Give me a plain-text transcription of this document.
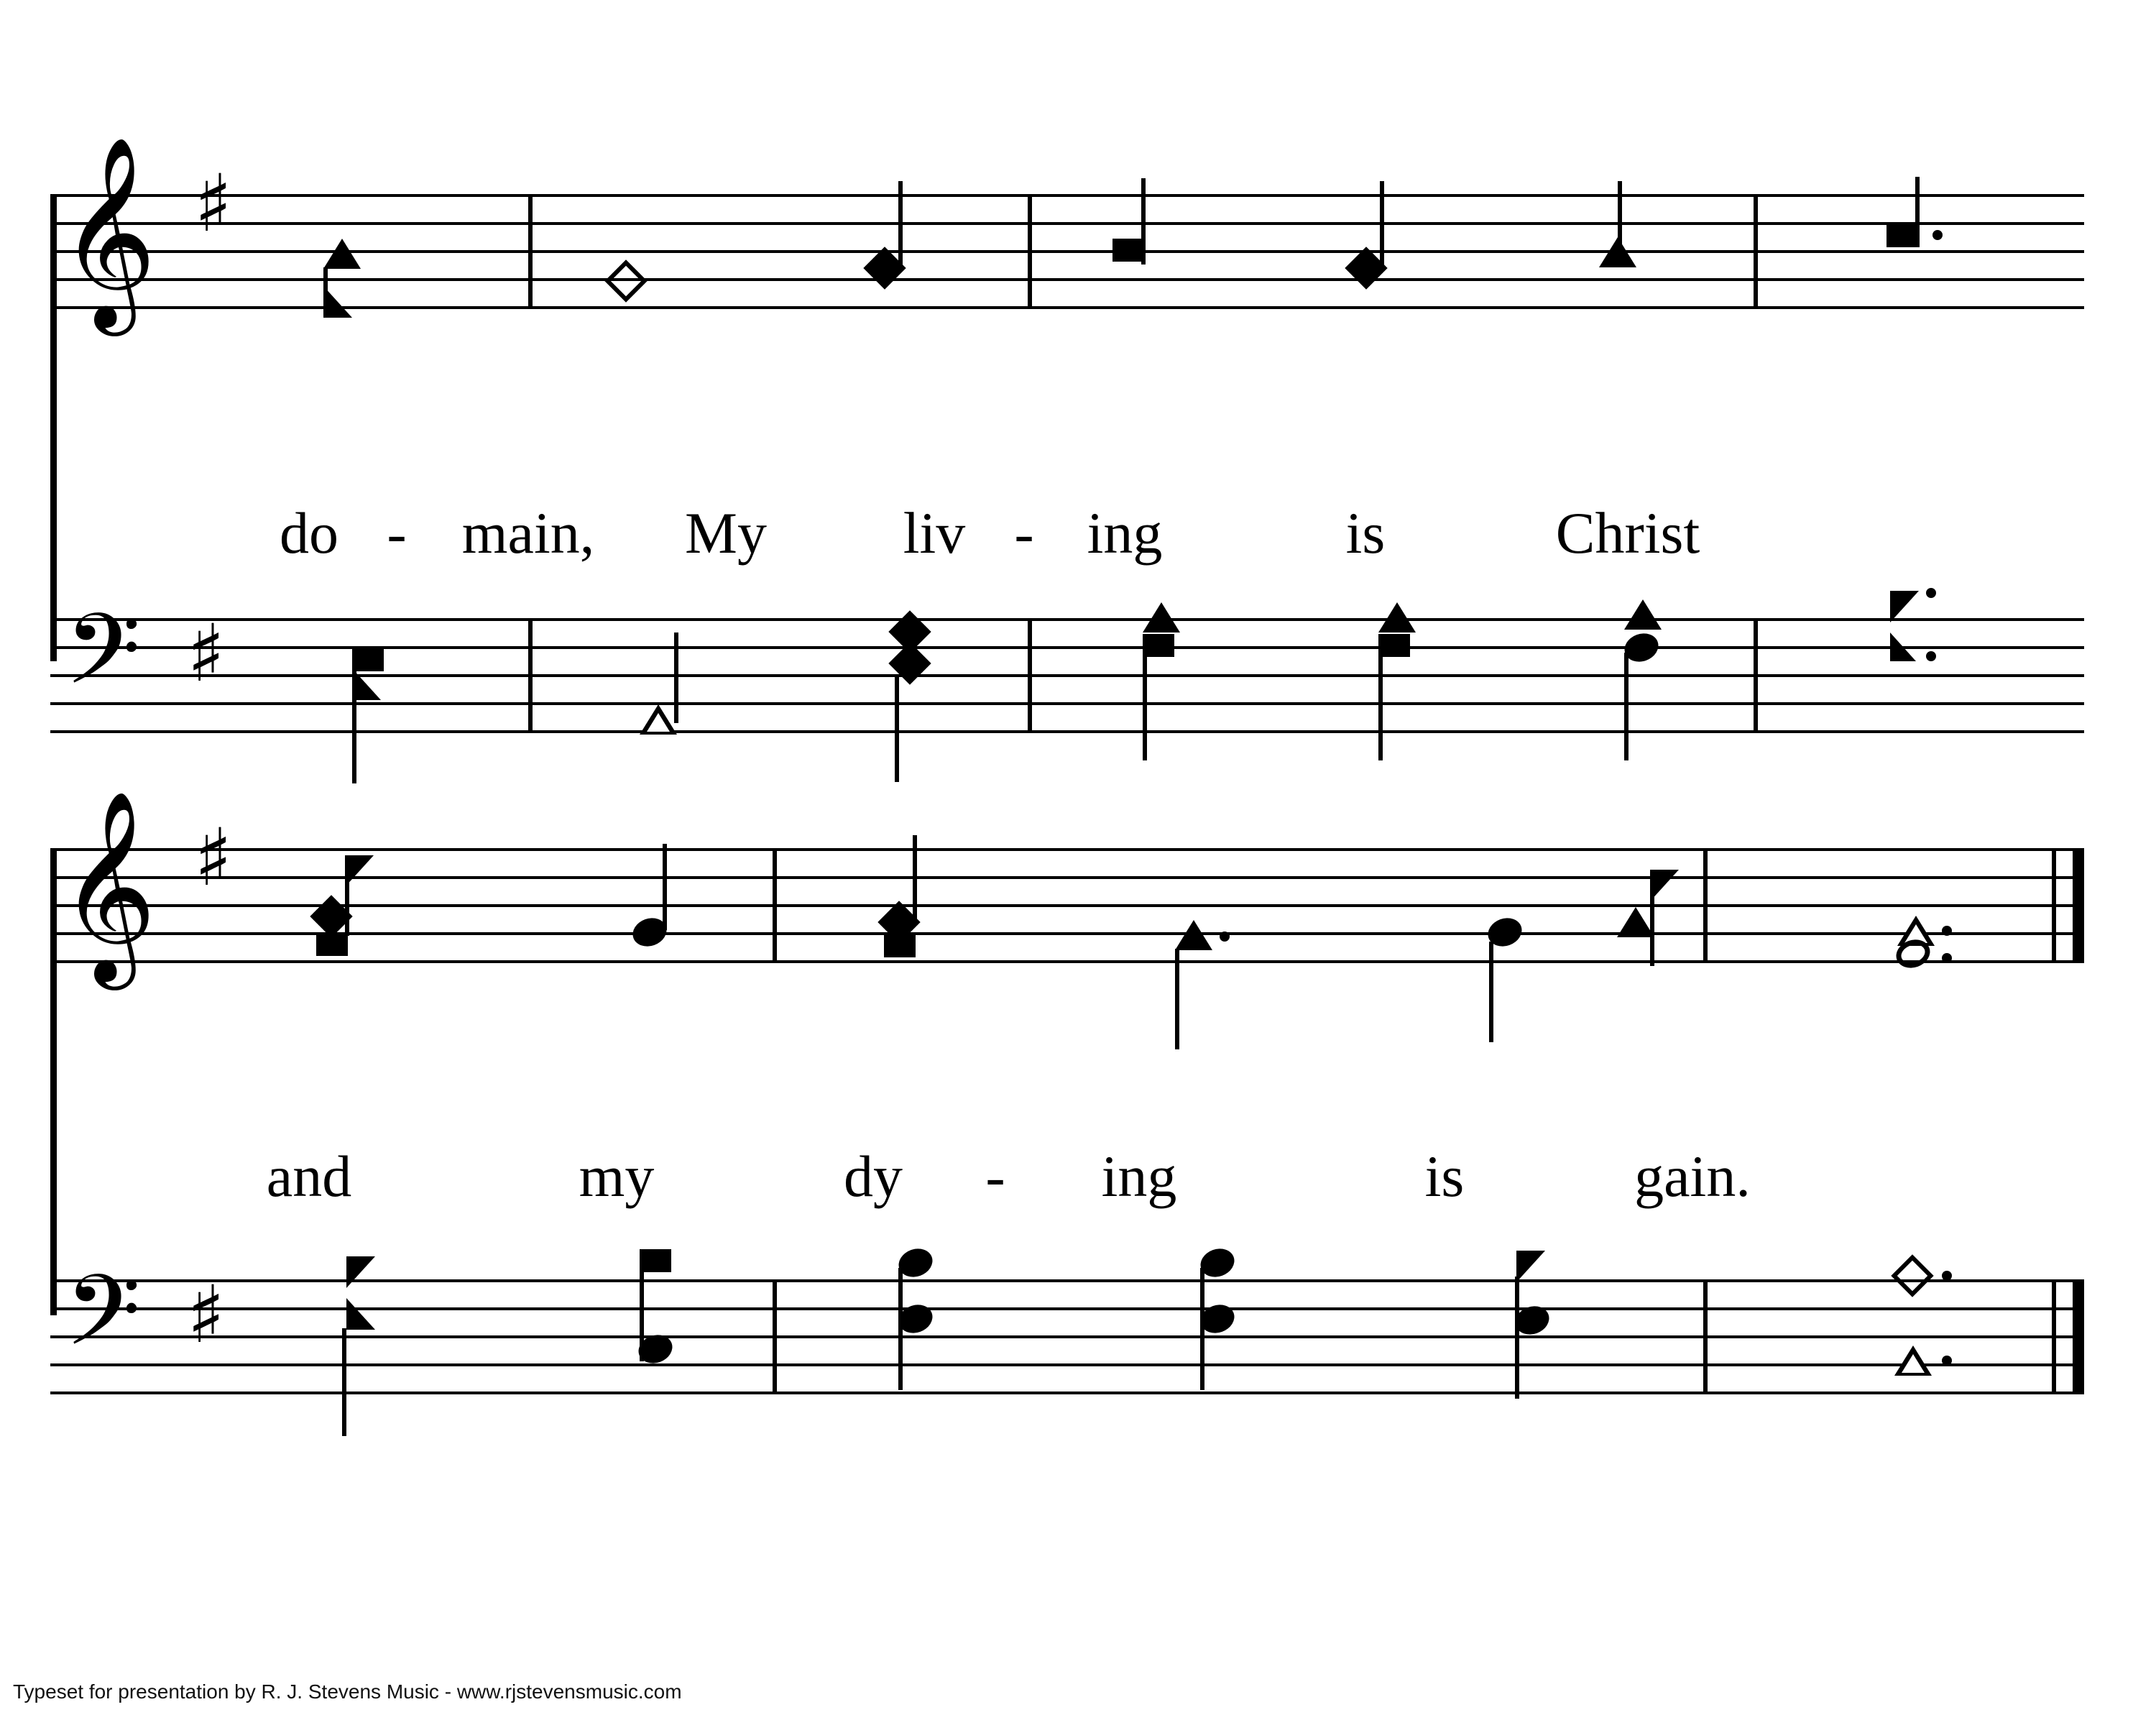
𝄞 ♯
do - main, My liv - ing	is	Christ
𝄢 ♯
𝄞 ♯
and	my	dy - ing	is	gain.
𝄢 ♯
Typeset for presentation by R. J. Stevens Music - www.rjstevensmusic.com
